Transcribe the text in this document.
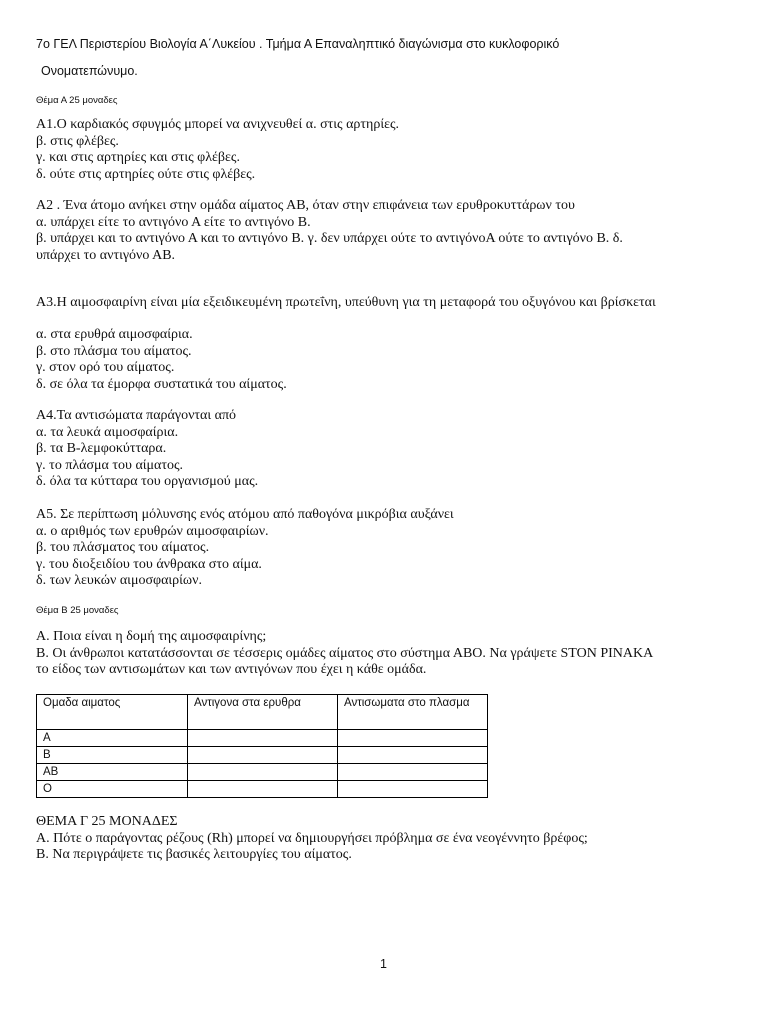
7ο ΓΕΛ Περιστερίου Βιολογία Α΄Λυκείου . Τμήμα Α Επαναληπτικό διαγώνισμα στο κυκλοφορικό
Ονοματεπώνυμο.
Θέμα Α 25 μοναδες
Α1.Ο καρδιακός σφυγμός μπορεί να ανιχνευθεί α. στις αρτηρίες.
β. στις φλέβες.
γ. και στις αρτηρίες και στις φλέβες.
δ. ούτε στις αρτηρίες ούτε στις φλέβες.
Α2 . Ένα άτομο ανήκει στην ομάδα αίματος ΑΒ, όταν στην επιφάνεια των ερυθροκυττάρων του
α. υπάρχει είτε το αντιγόνο Α είτε το αντιγόνο Β.
β. υπάρχει και το αντιγόνο Α και το αντιγόνο Β. γ. δεν υπάρχει ούτε το αντιγόνοΑ ούτε το αντιγόνο Β. δ.
υπάρχει το αντιγόνο ΑΒ.
Α3.Η αιμοσφαιρίνη είναι μία εξειδικευμένη πρωτεΐνη, υπεύθυνη για τη μεταφορά του οξυγόνου και βρίσκεται
α. στα ερυθρά αιμοσφαίρια.
β. στο πλάσμα του αίματος.
γ. στον ορό του αίματος.
δ. σε όλα τα έμορφα συστατικά του αίματος.
Α4.Τα αντισώματα παράγονται από
α. τα λευκά αιμοσφαίρια.
β. τα Β-λεμφοκύτταρα.
γ. το πλάσμα του αίματος.
δ. όλα τα κύτταρα του οργανισμού μας.
Α5. Σε περίπτωση μόλυνσης ενός ατόμου από παθογόνα μικρόβια αυξάνει
α. ο αριθμός των ερυθρών αιμοσφαιρίων.
β. του πλάσματος του αίματος.
γ. του διοξειδίου του άνθρακα στο αίμα.
δ. των λευκών αιμοσφαιρίων.
Θέμα Β 25 μοναδες
Α. Ποια είναι η δομή της αιμοσφαιρίνης;
Β. Οι άνθρωποι κατατάσσονται σε τέσσερις ομάδες αίματος στο σύστημα ΑΒΟ. Να γράψετε STON PINAKA
το είδος των αντισωμάτων και των αντιγόνων που έχει η κάθε ομάδα.
Ομαδα αιματος	Αντιγονα στα ερυθρα	Αντισωματα στο πλασμα
Α		
Β		
ΑΒ		
Ο		
ΘΕΜΑ Γ 25 ΜΟΝΑΔΕΣ
Α. Πότε ο παράγοντας ρέζους (Rh) μπορεί να δημιουργήσει πρόβλημα σε ένα νεογέννητο βρέφος;
Β. Να περιγράψετε τις βασικές λειτουργίες του αίματος.
1
